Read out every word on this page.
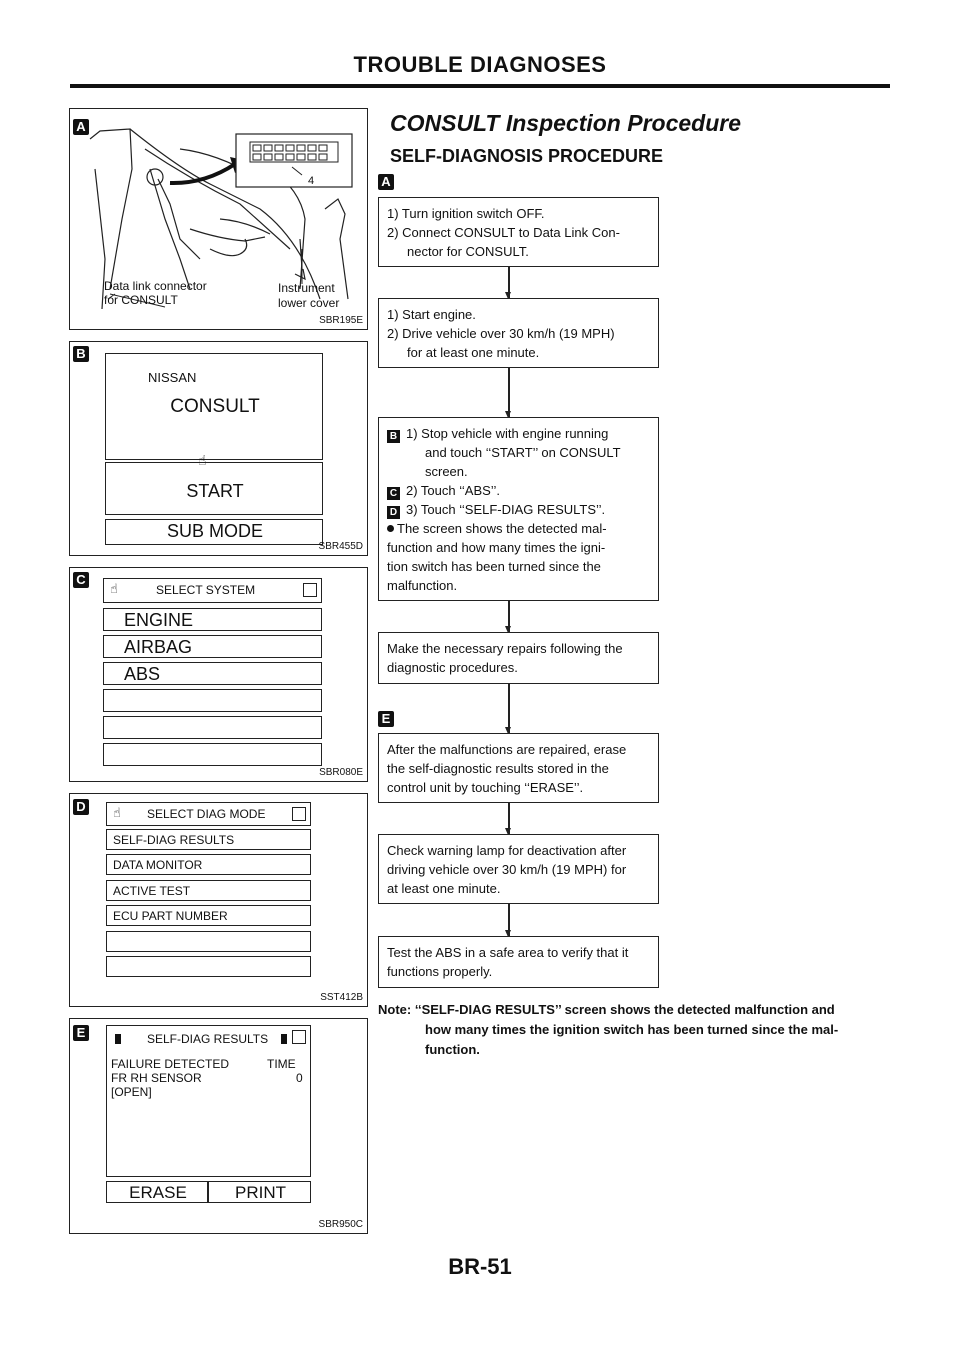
TROUBLE DIAGNOSES
A
4
Data link connector
for CONSULT
Instrument
lower cover
SBR195E
B
NISSAN
CONSULT
☝
START
SUB MODE
SBR455D
C
☝	SELECT SYSTEM
ENGINE
AIRBAG
ABS
SBR080E
D ☝ SELECT DIAG MODE
SELF-DIAG RESULTS
DATA MONITOR
ACTIVE TEST
ECU PART NUMBER
SST412B
E	SELF-DIAG RESULTS
FAILURE DETECTED	TIME
FR RH SENSOR	0
[OPEN]
ERASE	PRINT
SBR950C
CONSULT Inspection Procedure
SELF-DIAGNOSIS PROCEDURE
A
1) Turn ignition switch OFF.
2) Connect CONSULT to Data Link Con-
nector for CONSULT.
1) Start engine.
2) Drive vehicle over 30 km/h (19 MPH)
for at least one minute.
B 1) Stop vehicle with engine running
and touch ‘‘START’’ on CONSULT
screen.
C 2) Touch ‘‘ABS’’.
D 3) Touch ‘‘SELF-DIAG RESULTS’’.
The screen shows the detected mal-
function and how many times the igni-
tion switch has been turned since the
malfunction.
Make the necessary repairs following the
diagnostic procedures.
E
After the malfunctions are repaired, erase
the self-diagnostic results stored in the
control unit by touching ‘‘ERASE’’.
Check warning lamp for deactivation after
driving vehicle over 30 km/h (19 MPH) for
at least one minute.
Test the ABS in a safe area to verify that it
functions properly.
Note: ‘‘SELF-DIAG RESULTS’’ screen shows the detected malfunction and
how many times the ignition switch has been turned since the mal-
function.
BR-51
